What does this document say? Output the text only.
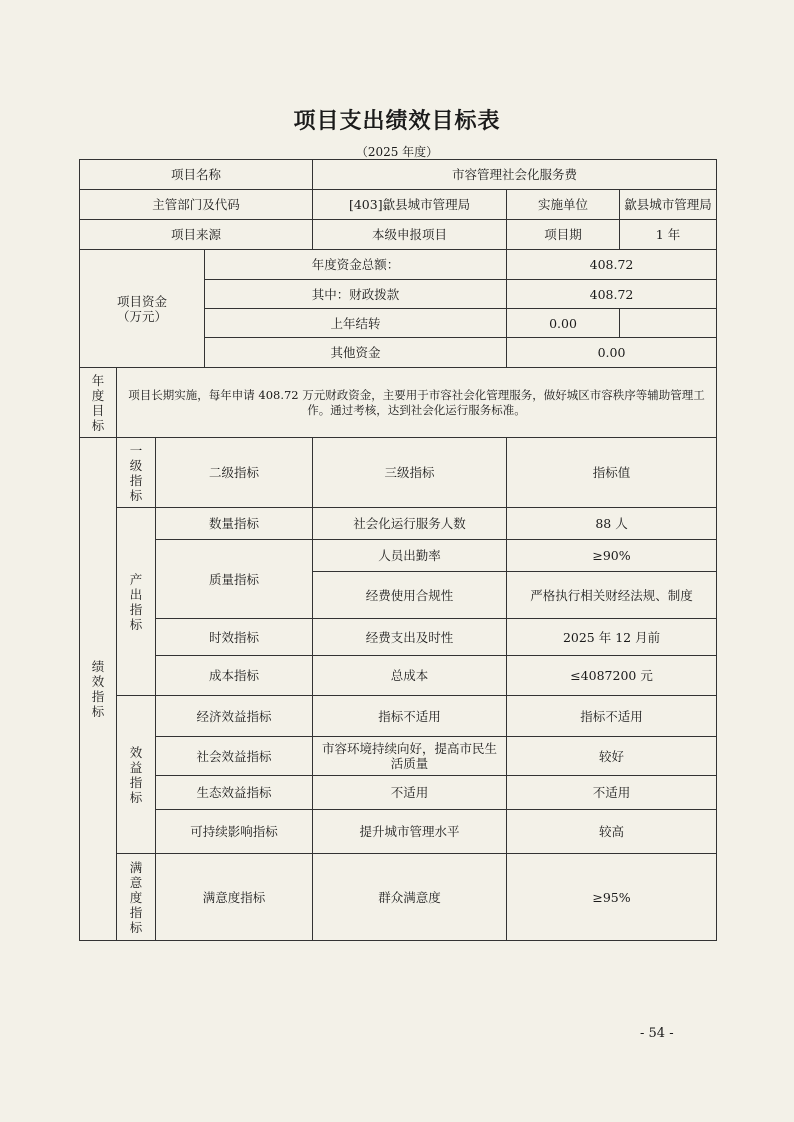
项目支出绩效目标表
（2025 年度）
项目名称				市容管理社会化服务费		
主管部门及代码				[403]歙县城市管理局	实施单位	歙县城市管理局
项目来源				本级申报项目	项目期	1 年

项目资金
（万元）			年度资金总额：		408.72	
			其中：财政拨款		408.72	
			上年结转		0.00	
			其他资金		0.00	

年度目标	项目长期实施，每年申请 408.72 万元财政资金，主要用于市容社会化管理服务，做好城区市容秩序等辅助管理工作。通过考核，达到社会化运行服务标准。					

绩效指标	一级指标	二级指标		三级指标	指标值	

	产出指标	数量指标		社会化运行服务人数	88 人	
		质量指标		人员出勤率	≥90%	
				经费使用合规性	严格执行相关财经法规、制度	
		时效指标		经费支出及时性	2025 年 12 月前	
		成本指标		总成本	≤4087200 元	

	效益指标	经济效益指标		指标不适用	指标不适用	
		社会效益指标		市容环境持续向好，提高市民生活质量	较好	
		生态效益指标		不适用	不适用	

		可持续影响指标		提升城市管理水平	较高	

	满意度指标	满意度指标		群众满意度	≥95%	
- 54 -
